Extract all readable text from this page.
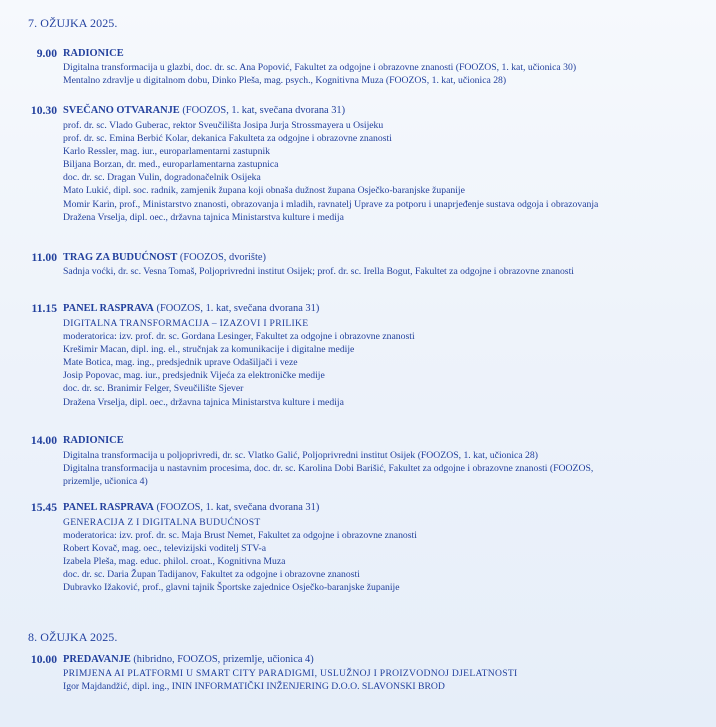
7. OŽUJKA 2025.
9.00 RADIONICE
Digitalna transformacija u glazbi, doc. dr. sc. Ana Popović, Fakultet za odgojne i obrazovne znanosti (FOOZOS, 1. kat, učionica 30)
Mentalno zdravlje u digitalnom dobu, Dinko Pleša, mag. psych., Kognitivna Muza (FOOZOS, 1. kat, učionica 28)
10.30 SVEČANO OTVARANJE (FOOZOS, 1. kat, svečana dvorana 31)
prof. dr. sc. Vlado Guberac, rektor Sveučilišta Josipa Jurja Strossmayera u Osijeku
prof. dr. sc. Emina Berbić Kolar, dekanica Fakulteta za odgojne i obrazovne znanosti
Karlo Ressler, mag. iur., europarlamentarni zastupnik
Biljana Borzan, dr. med., europarlamentarna zastupnica
doc. dr. sc. Dragan Vulin, dogradonačelnik Osijeka
Mato Lukić, dipl. soc. radnik, zamjenik župana koji obnaša dužnost župana Osječko-baranjske županije
Momir Karin, prof., Ministarstvo znanosti, obrazovanja i mladih, ravnatelj Uprave za potporu i unaprjeđenje sustava odgoja i obrazovanja
Dražena Vrselja, dipl. oec., državna tajnica Ministarstva kulture i medija
11.00 TRAG ZA BUDUĆNOST (FOOZOS, dvorište)
Sadnja voćki, dr. sc. Vesna Tomaš, Poljoprivredni institut Osijek; prof. dr. sc. Irella Bogut, Fakultet za odgojne i obrazovne znanosti
11.15 PANEL RASPRAVA (FOOZOS, 1. kat, svečana dvorana 31)
DIGITALNA TRANSFORMACIJA – IZAZOVI I PRILIKE
moderatorica: izv. prof. dr. sc. Gordana Lesinger, Fakultet za odgojne i obrazovne znanosti
Krešimir Macan, dipl. ing. el., stručnjak za komunikacije i digitalne medije
Mate Botica, mag. ing., predsjednik uprave Odašiljači i veze
Josip Popovac, mag. iur., predsjednik Vijeća za elektroničke medije
doc. dr. sc. Branimir Felger, Sveučilište Sjever
Dražena Vrselja, dipl. oec., državna tajnica Ministarstva kulture i medija
14.00 RADIONICE
Digitalna transformacija u poljoprivredi, dr. sc. Vlatko Galić, Poljoprivredni institut Osijek (FOOZOS, 1. kat, učionica 28)
Digitalna transformacija u nastavnim procesima, doc. dr. sc. Karolina Dobi Barišić, Fakultet za odgojne i obrazovne znanosti (FOOZOS,
prizemlje, učionica 4)
15.45 PANEL RASPRAVA (FOOZOS, 1. kat, svečana dvorana 31)
GENERACIJA Z I DIGITALNA BUDUĆNOST
moderatorica: izv. prof. dr. sc. Maja Brust Nemet, Fakultet za odgojne i obrazovne znanosti
Robert Kovač, mag. oec., televizijski voditelj STV-a
Izabela Pleša, mag. educ. philol. croat., Kognitivna Muza
doc. dr. sc. Daria Župan Tadijanov, Fakultet za odgojne i obrazovne znanosti
Dubravko Ižaković, prof., glavni tajnik Športske zajednice Osječko-baranjske županije
8. OŽUJKA 2025.
10.00 PREDAVANJE (hibridno, FOOZOS, prizemlje, učionica 4)
PRIMJENA AI PLATFORMI U SMART CITY PARADIGMI, USLUŽNOJ I PROIZVODNOJ DJELATNOSTI
Igor Majdandžić, dipl. ing., ININ INFORMATIČKI INŽENJERING D.O.O. SLAVONSKI BROD
